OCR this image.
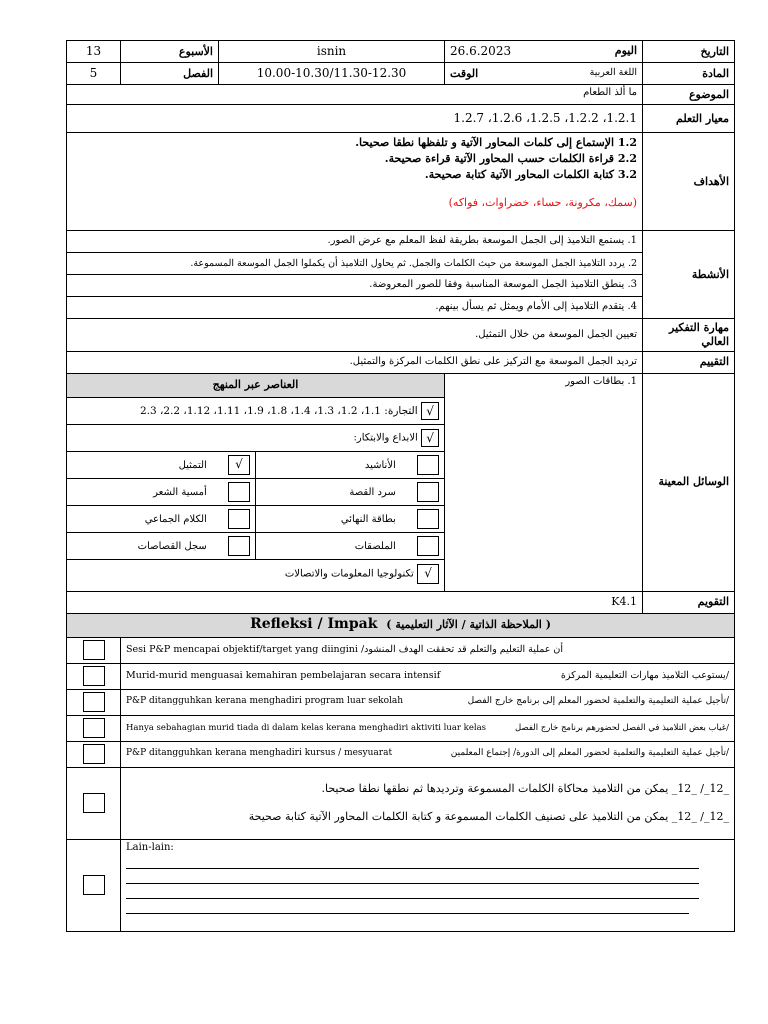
13	الأسبوع	isnin	26.6.2023	اليوم	التاريخ
5	الفصل	10.00-10.30/11.30-12.30	الوقت	اللغة العربية	المادة
ما ألذ الطعام	الموضوع
1.2.1، 1.2.2، 1.2.5، 1.2.6، 1.2.7	معيار التعلم

1.2 الإستماع إلى كلمات المحاور الآتية و تلفظها نطقا صحيحا.
2.2 قراءة الكلمات حسب المحاور الآتية قراءة صحيحة.
3.2 كتابة الكلمات المحاور الآتية كتابة صحيحة.
(سمك، مكرونة، حساء، خضراوات، فواكه)
	الأهداف
1. يستمع التلاميذ إلى الجمل الموسعة بطريقة لفظ المعلم مع عرض الصور.	الأنشطة
2. يردد التلاميذ الجمل الموسعة من حيث الكلمات والجمل. ثم يحاول التلاميذ أن يكملوا الجمل الموسعة المسموعة.
3. ينطق التلاميذ الجمل الموسعة المناسبة وفقا للصور المعروضة.
4. يتقدم التلاميذ إلى الأمام ويمثل ثم يسأل بينهم.
تعيين الجمل الموسعة من خلال التمثيل.	مهارة التفكير العالي
ترديد الجمل الموسعة مع التركيز على نطق الكلمات المركزة والتمثيل.	التقييم

العناصر عبر المنهج
√ التجارة: 1.1، 1.2، 1.3، 1.4، 1.8، 1.9، 1.11، 1.12، 2.2، 2.3
√ الابداع والابتكار:
√ التمثيل	الأناشيد
أمسية الشعر	سرد القصة
الكلام الجماعي	بطاقة النهائي
سجل القصاصات	الملصقات
√ تكنولوجيا المعلومات والاتصالات
	1. بطاقات الصور	الوسائل المعينة
K4.1	التقويم
Refleksi / Impak ( الملاحظة الذاتية / الآثار التعليمية )
	Sesi P&P mencapai objektif/target yang diingini /أن عملية التعليم والتعلم قد تحققت الهدف المنشود
	Murid-murid menguasai kemahiran pembelajaran secara intensif	/يستوعب التلاميذ مهارات التعليمية المركزة

	P&P ditangguhkan kerana menghadiri program luar sekolah	/تأجيل عملية التعليمية والتعلمية لحضور المعلم إلى برنامج خارج الفصل

	Hanya sebahagian murid tiada di dalam kelas kerana menghadiri aktiviti luar kelas	/غياب بعض التلاميذ في الفصل لحضورهم برنامج خارج الفصل

	P&P ditangguhkan kerana menghadiri kursus / mesyuarat	/تأجيل عملية التعليمية والتعلمية لحضور المعلم إلى الدورة/ إجتماع المعلمين

_12_/ _12_ يمكن من التلاميذ محاكاة الكلمات المسموعة وترديدها ثم نطقها نطقا صحيحا.
_12_/ _12_ يمكن من التلاميذ على تصنيف الكلمات المسموعة و كتابة الكلمات المحاور الآتية كتابة صحيحة

Lain-lain:
